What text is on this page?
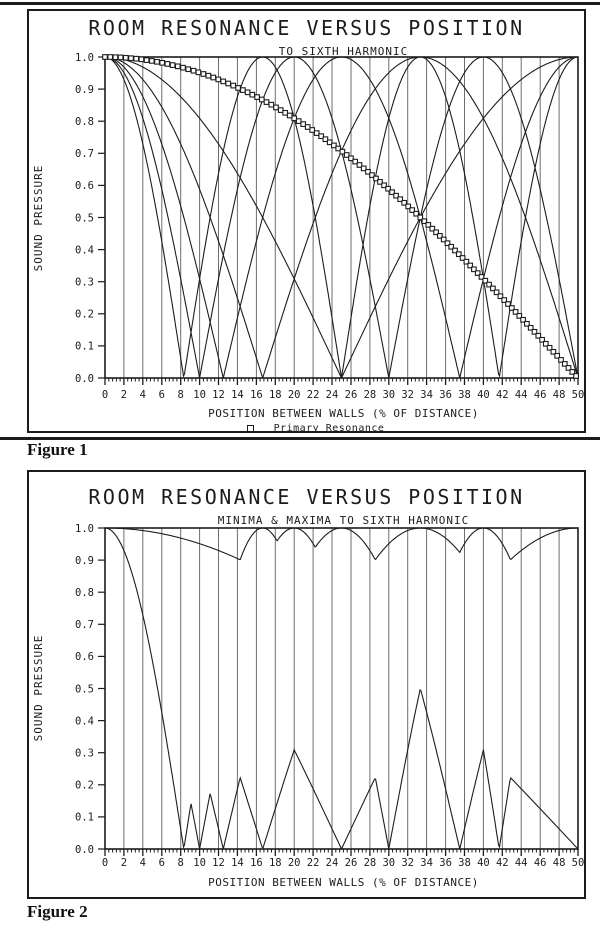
ROOM RESONANCE VERSUS POSITION
TO SIXTH HARMONIC
SOUND PRESSURE
0.0
0.1
0.2
0.3
0.4
0.5
0.6
0.7
0.8
0.9
1.0
0 2 4 6 8 10 12 14 16 18 20 22 24 26 28 30 32 34 36 38 40 42 44 46 48 50
POSITION BETWEEN WALLS (% OF DISTANCE)
Primary Resonance
Figure 1
ROOM RESONANCE VERSUS POSITION
MINIMA & MAXIMA TO SIXTH HARMONIC
SOUND PRESSURE
0.0
0.1
0.2
0.3
0.4
0.5
0.6
0.7
0.8
0.9
1.0
0 2 4 6 8 10 12 14 16 18 20 22 24 26 28 30 32 34 36 38 40 42 44 46 48 50
POSITION BETWEEN WALLS (% OF DISTANCE)
Figure 2
